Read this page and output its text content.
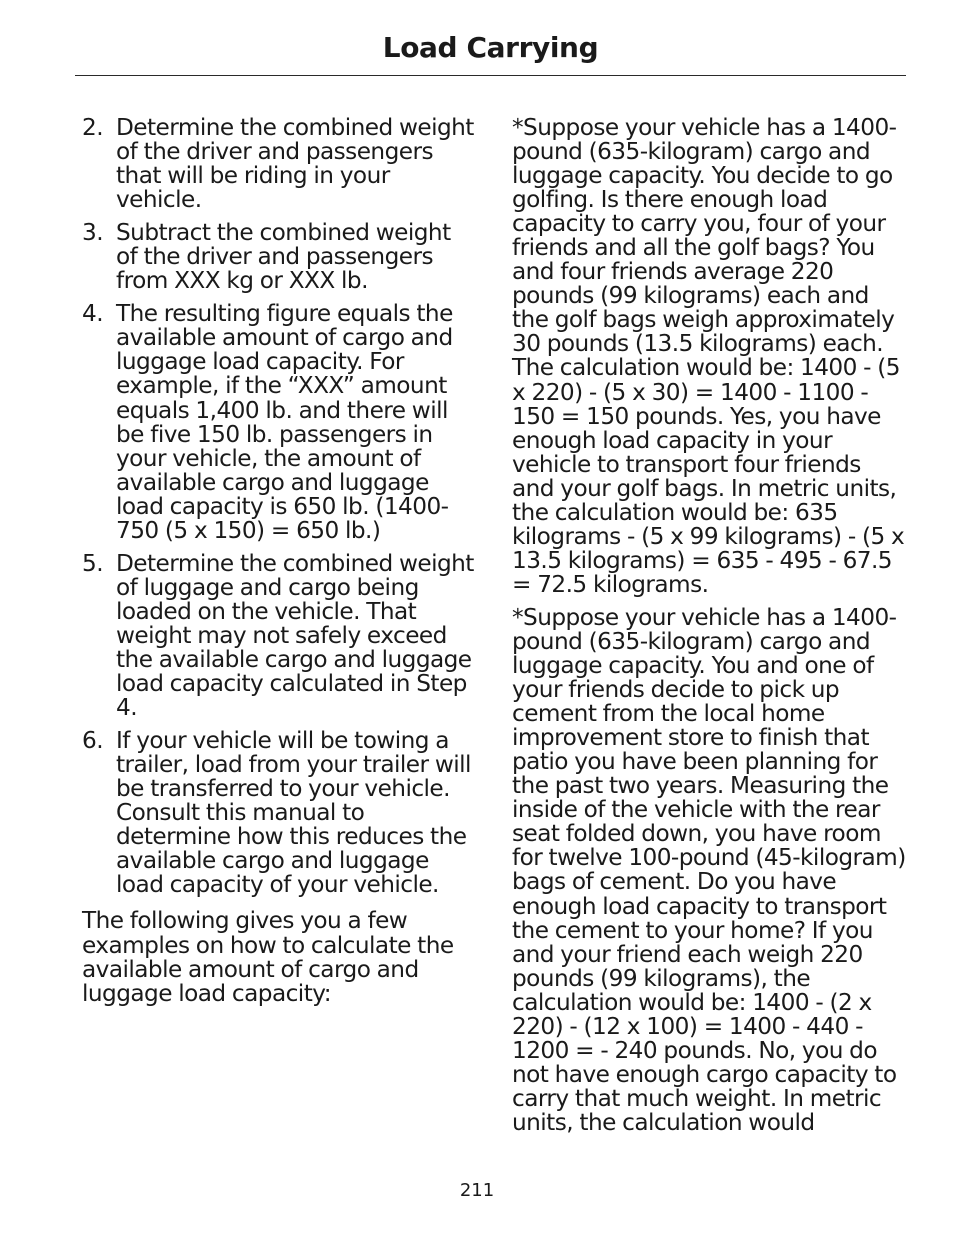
Load Carrying
2. Determine the combined weight of the driver and passengers that will be riding in your vehicle.
3. Subtract the combined weight of the driver and passengers from XXX kg or XXX lb.
4. The resulting figure equals the available amount of cargo and luggage load capacity. For example, if the “XXX” amount equals 1,400 lb. and there will be five 150 lb. passengers in your vehicle, the amount of available cargo and luggage load capacity is 650 lb. (1400-750 (5 x 150) = 650 lb.)
5. Determine the combined weight of luggage and cargo being loaded on the vehicle. That weight may not safely exceed the available cargo and luggage load capacity calculated in Step 4.
6. If your vehicle will be towing a trailer, load from your trailer will be transferred to your vehicle. Consult this manual to determine how this reduces the available cargo and luggage load capacity of your vehicle.

The following gives you a few examples on how to calculate the available amount of cargo and luggage load capacity:

*Suppose your vehicle has a 1400-pound (635-kilogram) cargo and luggage capacity. You decide to go golfing. Is there enough load capacity to carry you, four of your friends and all the golf bags? You and four friends average 220 pounds (99 kilograms) each and the golf bags weigh approximately 30 pounds (13.5 kilograms) each. The calculation would be: 1400 - (5 x 220) - (5 x 30) = 1400 - 1100 - 150 = 150 pounds. Yes, you have enough load capacity in your vehicle to transport four friends and your golf bags. In metric units, the calculation would be: 635 kilograms - (5 x 99 kilograms) - (5 x 13.5 kilograms) = 635 - 495 - 67.5 = 72.5 kilograms.

*Suppose your vehicle has a 1400-pound (635-kilogram) cargo and luggage capacity. You and one of your friends decide to pick up cement from the local home improvement store to finish that patio you have been planning for the past two years. Measuring the inside of the vehicle with the rear seat folded down, you have room for twelve 100-pound (45-kilogram) bags of cement. Do you have enough load capacity to transport the cement to your home? If you and your friend each weigh 220 pounds (99 kilograms), the calculation would be: 1400 - (2 x 220) - (12 x 100) = 1400 - 440 - 1200 = - 240 pounds. No, you do not have enough cargo capacity to carry that much weight. In metric units, the calculation would

211
